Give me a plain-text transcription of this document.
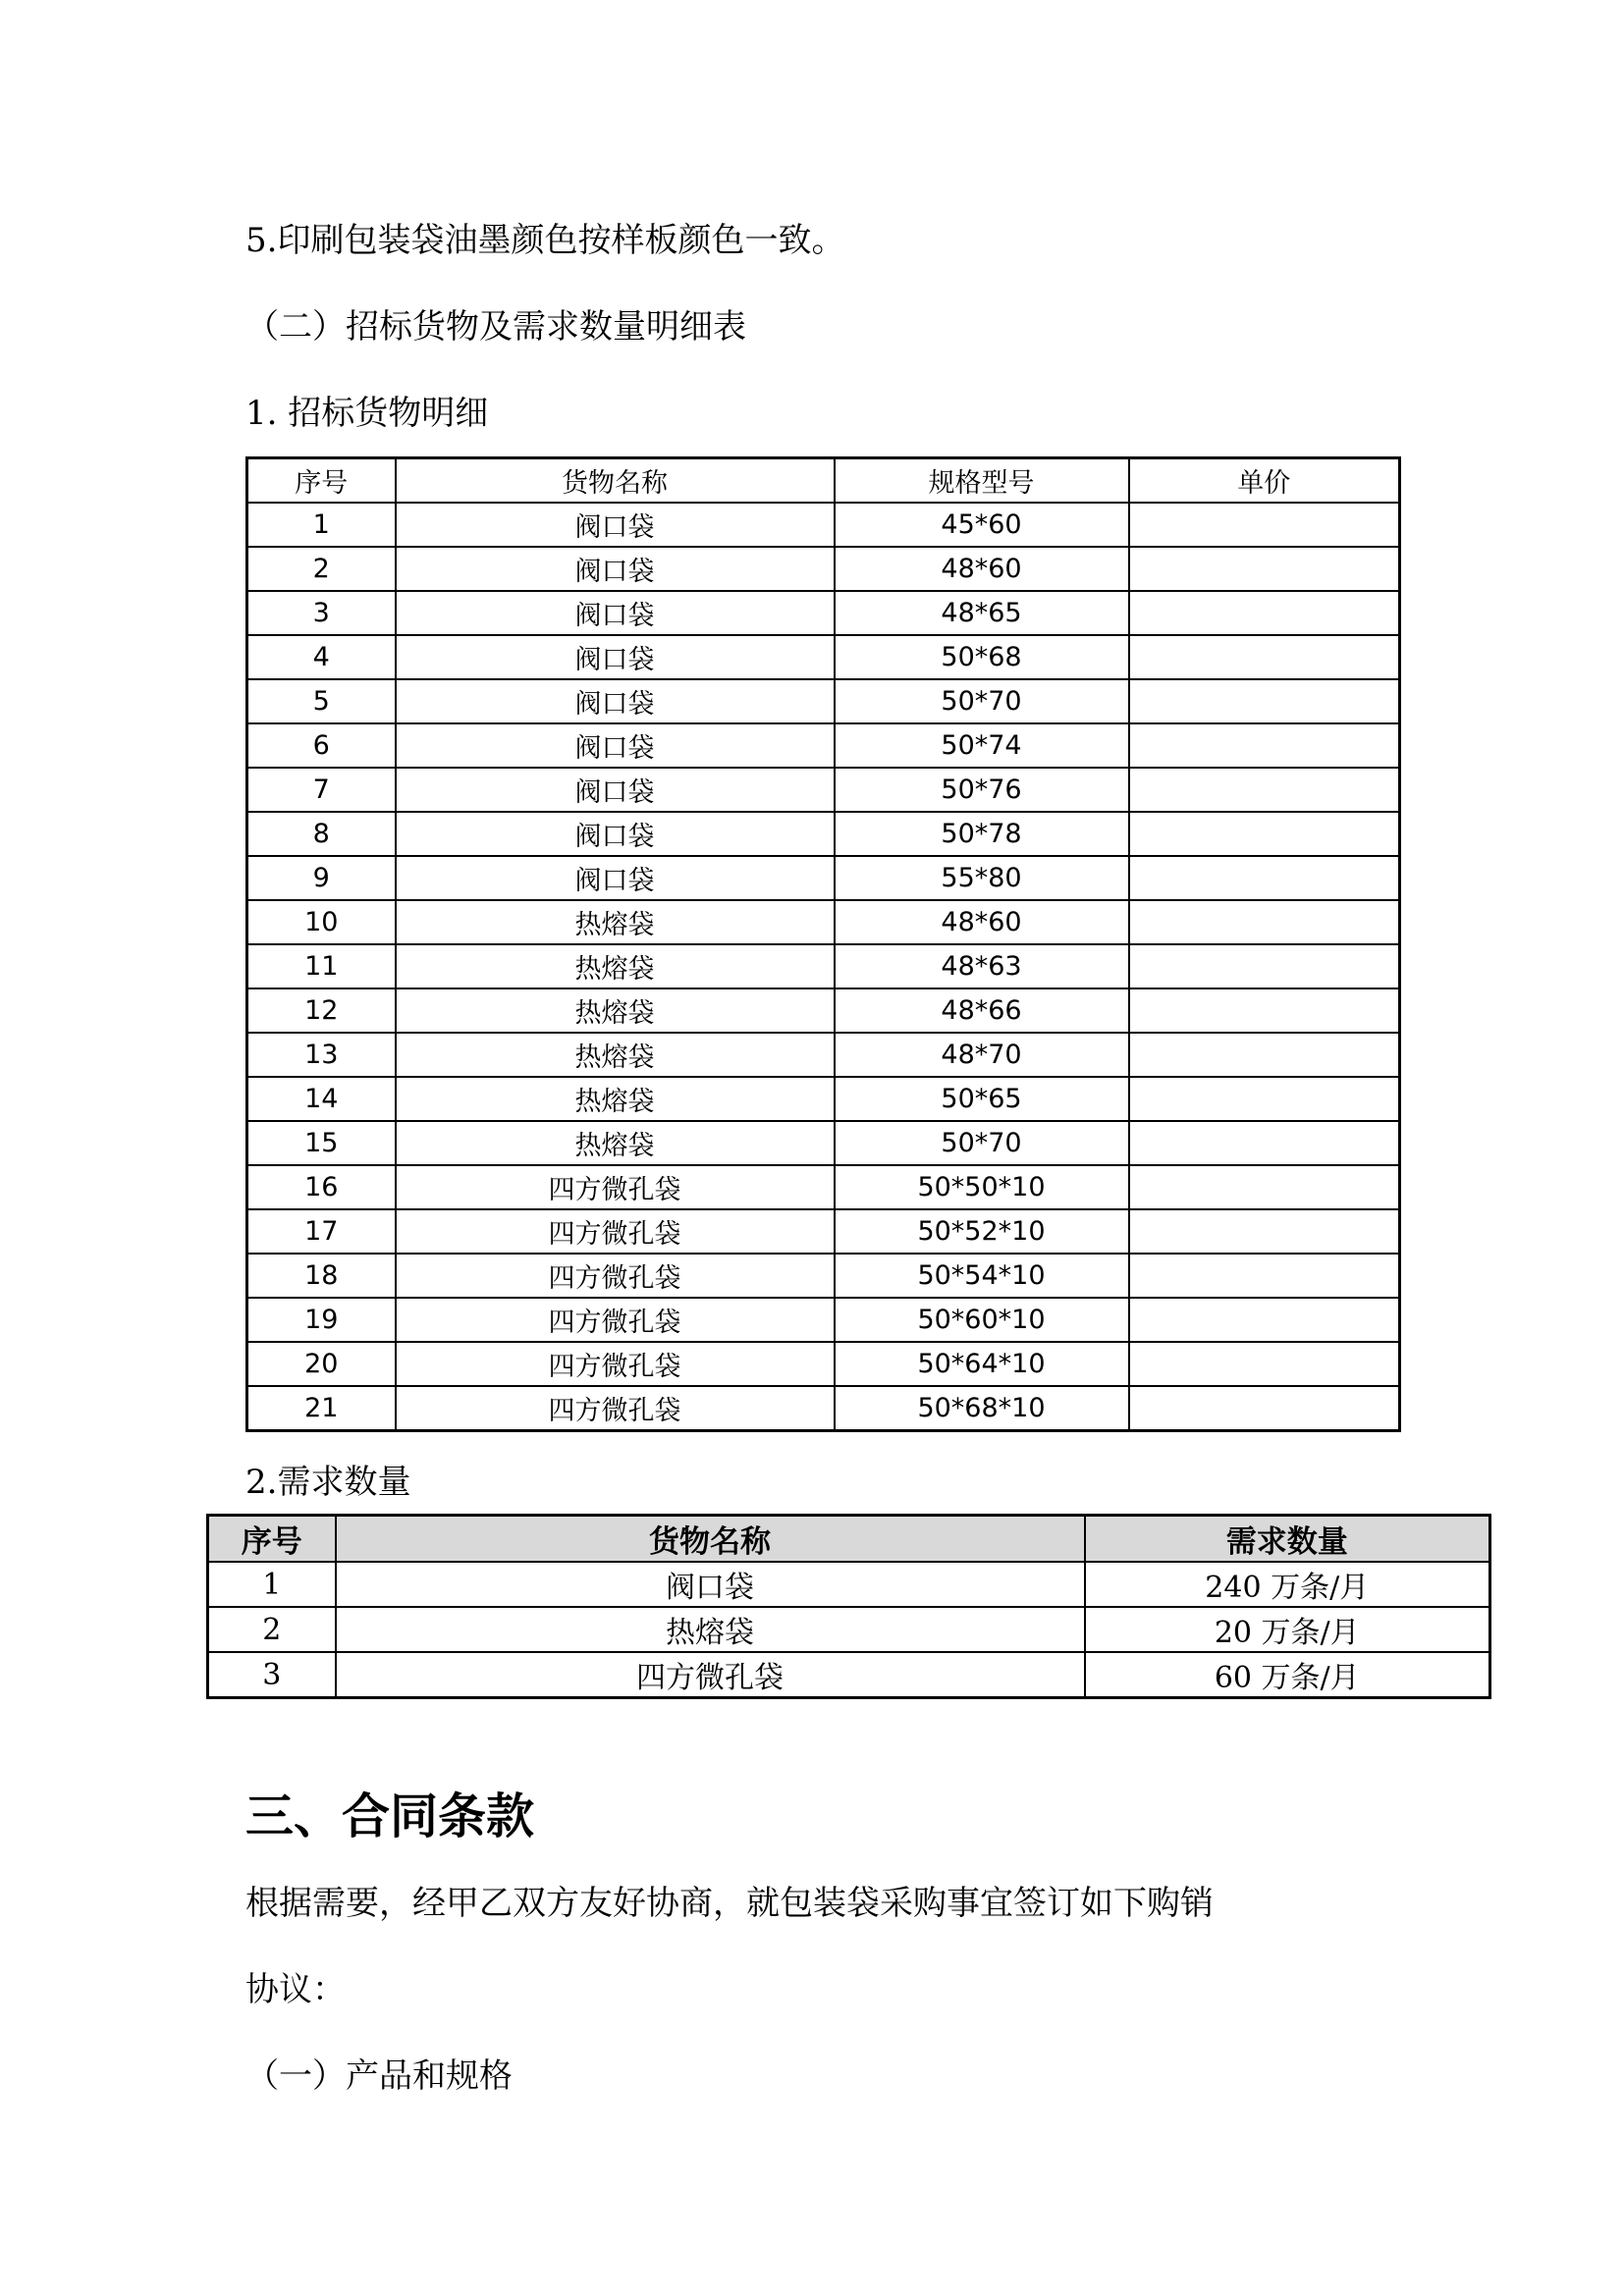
5.印刷包装袋油墨颜色按样板颜色一致。
（二）招标货物及需求数量明细表
1. 招标货物明细
序号	货物名称	规格型号	单价
1	阀口袋	45*60	
2	阀口袋	48*60	
3	阀口袋	48*65	
4	阀口袋	50*68	
5	阀口袋	50*70	
6	阀口袋	50*74	
7	阀口袋	50*76	
8	阀口袋	50*78	
9	阀口袋	55*80	
10	热熔袋	48*60	
11	热熔袋	48*63	
12	热熔袋	48*66	
13	热熔袋	48*70	
14	热熔袋	50*65	
15	热熔袋	50*70	
16	四方微孔袋	50*50*10	
17	四方微孔袋	50*52*10	
18	四方微孔袋	50*54*10	
19	四方微孔袋	50*60*10	
20	四方微孔袋	50*64*10	
21	四方微孔袋	50*68*10	
2.需求数量
序号	货物名称	需求数量
1	阀口袋	240 万条/月
2	热熔袋	20 万条/月
3	四方微孔袋	60 万条/月
三、合同条款
根据需要，经甲乙双方友好协商，就包装袋采购事宜签订如下购销
协议：
（一）产品和规格
